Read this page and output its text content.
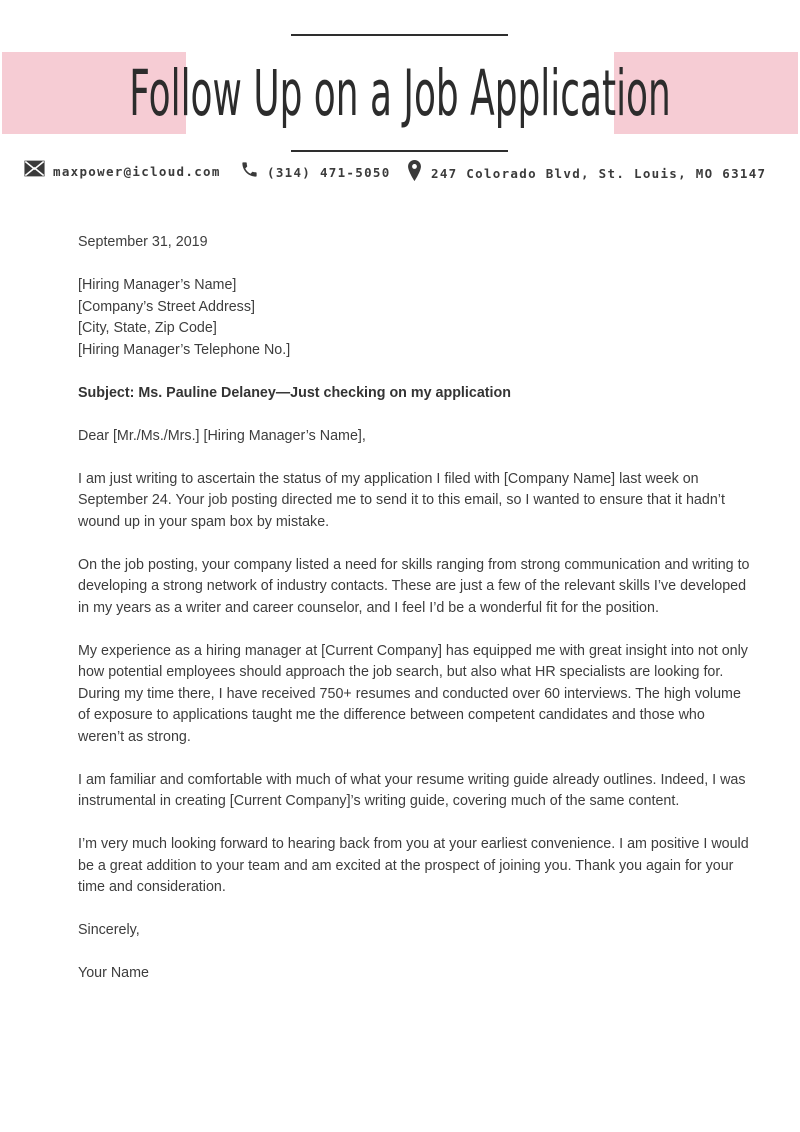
Follow Up on a Job Application
maxpower@icloud.com	(314) 471-5050	247 Colorado Blvd, St. Louis, MO 63147
September 31, 2019
[Hiring Manager’s Name]
[Company’s Street Address]
[City, State, Zip Code]
[Hiring Manager’s Telephone No.]
Subject: Ms. Pauline Delaney—Just checking on my application
Dear [Mr./Ms./Mrs.] [Hiring Manager’s Name],
I am just writing to ascertain the status of my application I filed with [Company Name] last week on September 24. Your job posting directed me to send it to this email, so I wanted to ensure that it hadn’t wound up in your spam box by mistake.
On the job posting, your company listed a need for skills ranging from strong communication and writing to developing a strong network of industry contacts. These are just a few of the relevant skills I’ve developed in my years as a writer and career counselor, and I feel I’d be a wonderful fit for the position.
My experience as a hiring manager at [Current Company] has equipped me with great insight into not only how potential employees should approach the job search, but also what HR specialists are looking for. During my time there, I have received 750+ resumes and conducted over 60 interviews. The high volume of exposure to applications taught me the difference between competent candidates and those who weren’t as strong.
I am familiar and comfortable with much of what your resume writing guide already outlines. Indeed, I was instrumental in creating [Current Company]’s writing guide, covering much of the same content.
I’m very much looking forward to hearing back from you at your earliest convenience. I am positive I would be a great addition to your team and am excited at the prospect of joining you. Thank you again for your time and consideration.
Sincerely,
Your Name
